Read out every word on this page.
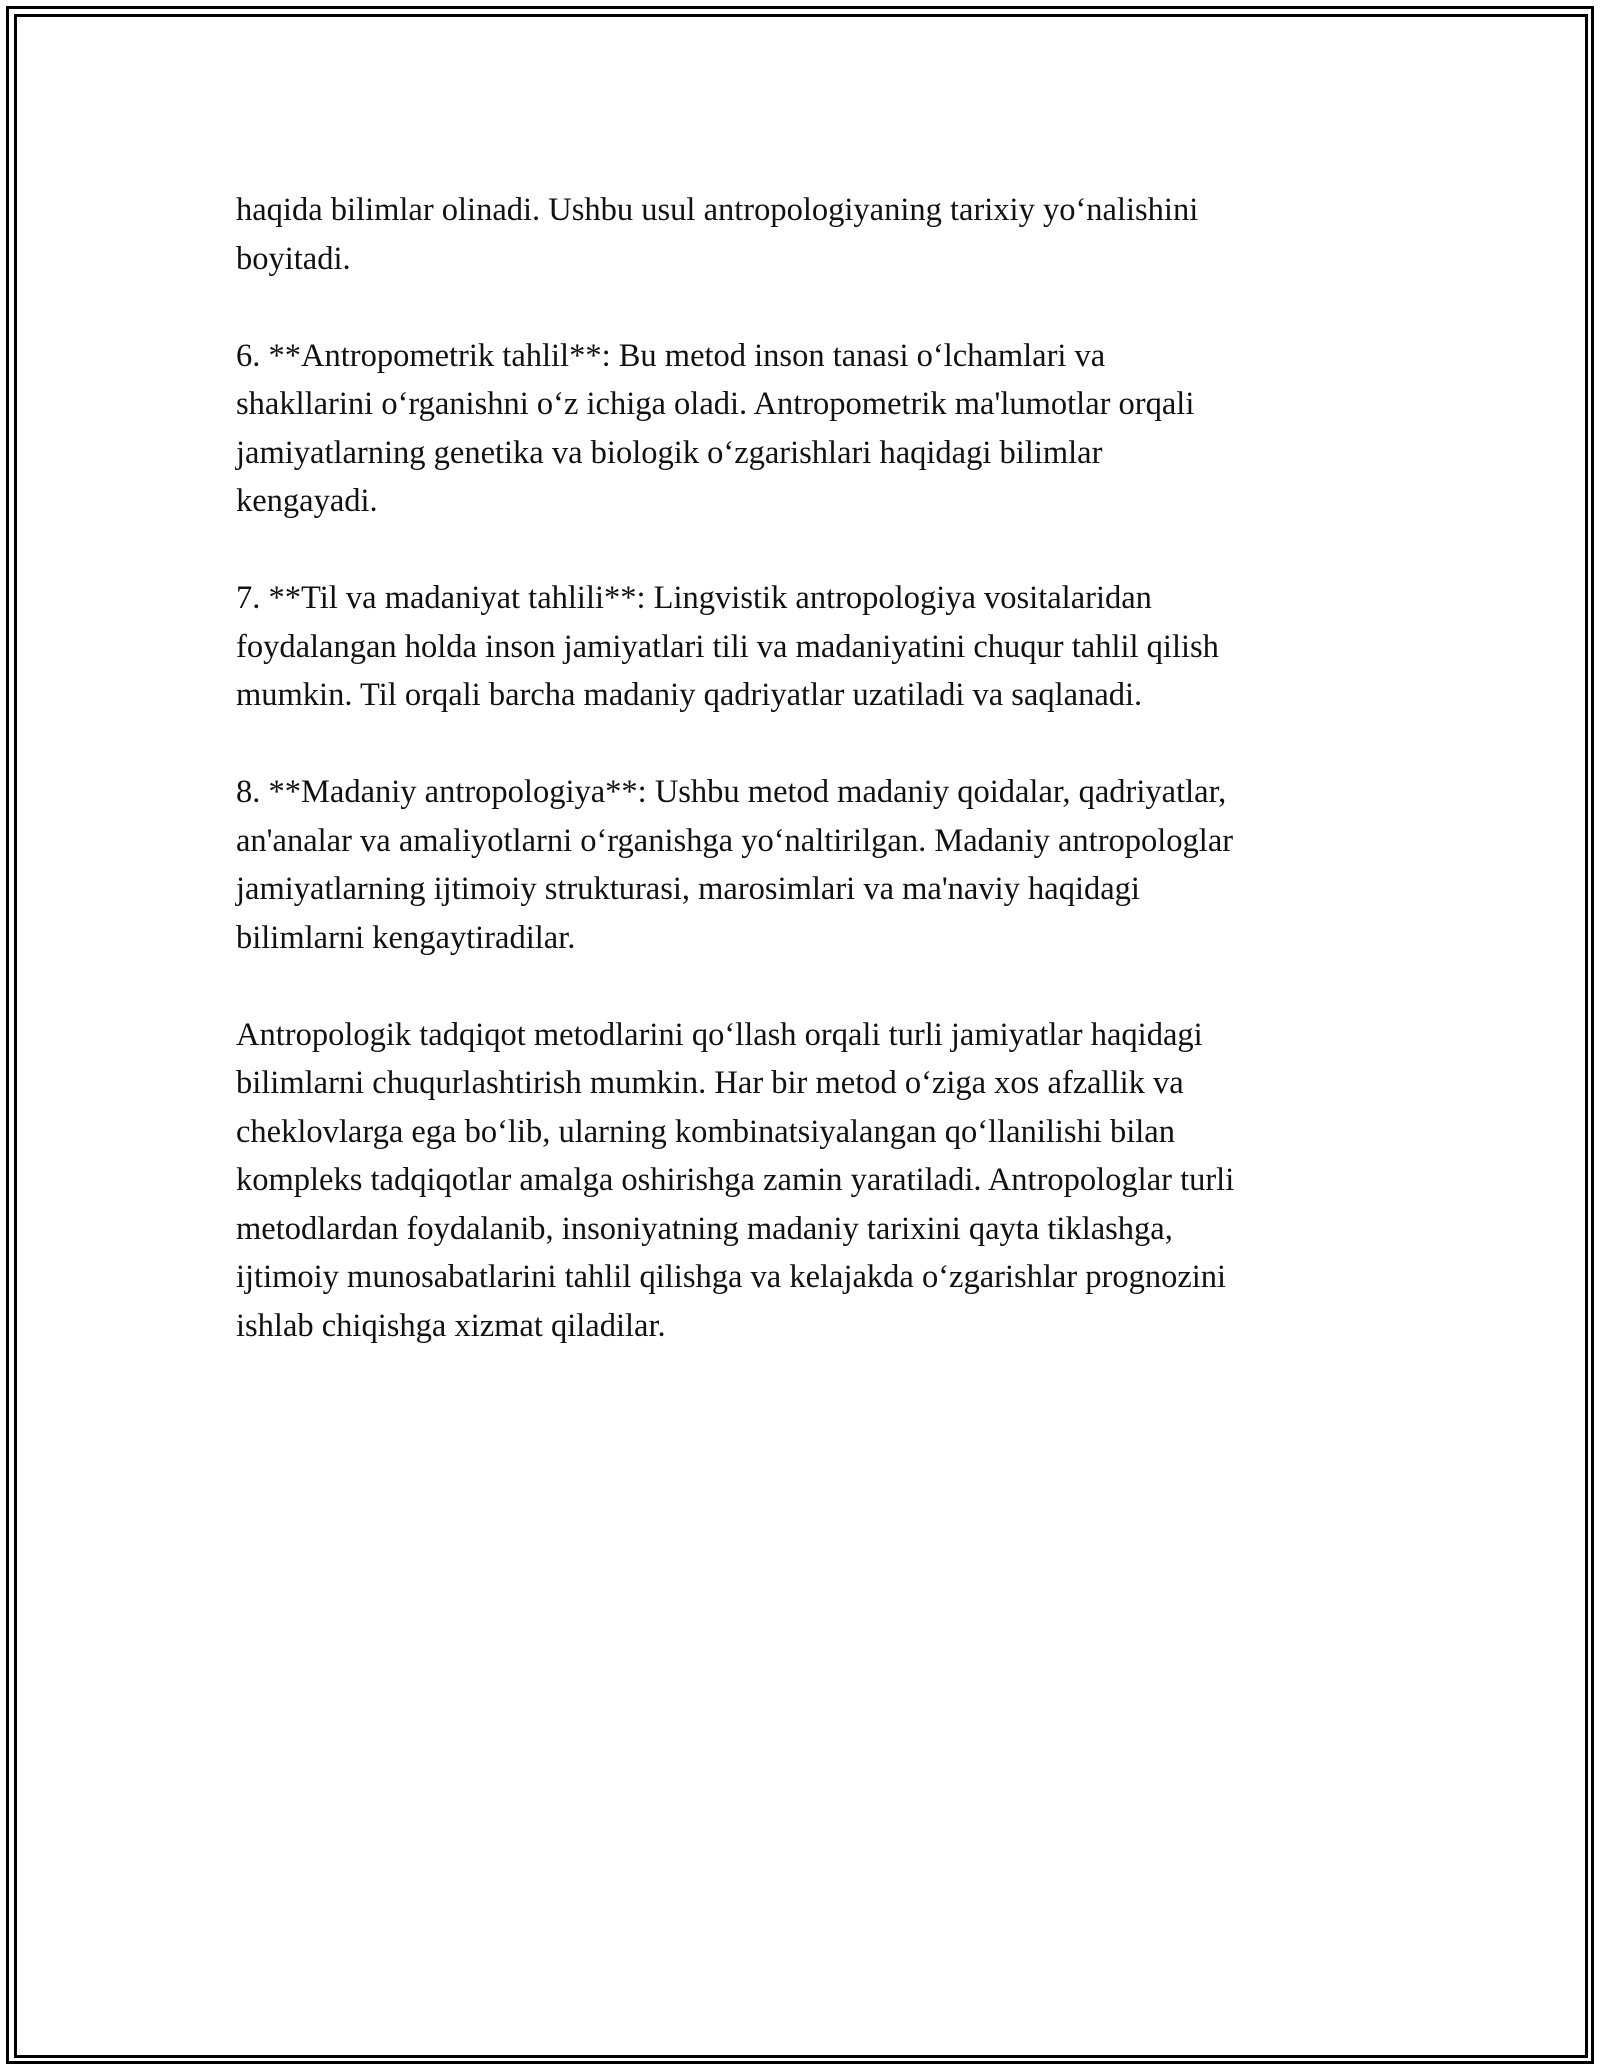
haqida bilimlar olinadi. Ushbu usul antropologiyaning tarixiy yo‘nalishini
boyitadi.

6. **Antropometrik tahlil**: Bu metod inson tanasi o‘lchamlari va
shakllarini o‘rganishni o‘z ichiga oladi. Antropometrik ma'lumotlar orqali
jamiyatlarning genetika va biologik o‘zgarishlari haqidagi bilimlar
kengayadi.

7. **Til va madaniyat tahlili**: Lingvistik antropologiya vositalaridan
foydalangan holda inson jamiyatlari tili va madaniyatini chuqur tahlil qilish
mumkin. Til orqali barcha madaniy qadriyatlar uzatiladi va saqlanadi.

8. **Madaniy antropologiya**: Ushbu metod madaniy qoidalar, qadriyatlar,
an'analar va amaliyotlarni o‘rganishga yo‘naltirilgan. Madaniy antropologlar
jamiyatlarning ijtimoiy strukturasi, marosimlari va ma'naviy haqidagi
bilimlarni kengaytiradilar.

Antropologik tadqiqot metodlarini qo‘llash orqali turli jamiyatlar haqidagi
bilimlarni chuqurlashtirish mumkin. Har bir metod o‘ziga xos afzallik va
cheklovlarga ega bo‘lib, ularning kombinatsiyalangan qo‘llanilishi bilan
kompleks tadqiqotlar amalga oshirishga zamin yaratiladi. Antropologlar turli
metodlardan foydalanib, insoniyatning madaniy tarixini qayta tiklashga,
ijtimoiy munosabatlarini tahlil qilishga va kelajakda o‘zgarishlar prognozini
ishlab chiqishga xizmat qiladilar.
